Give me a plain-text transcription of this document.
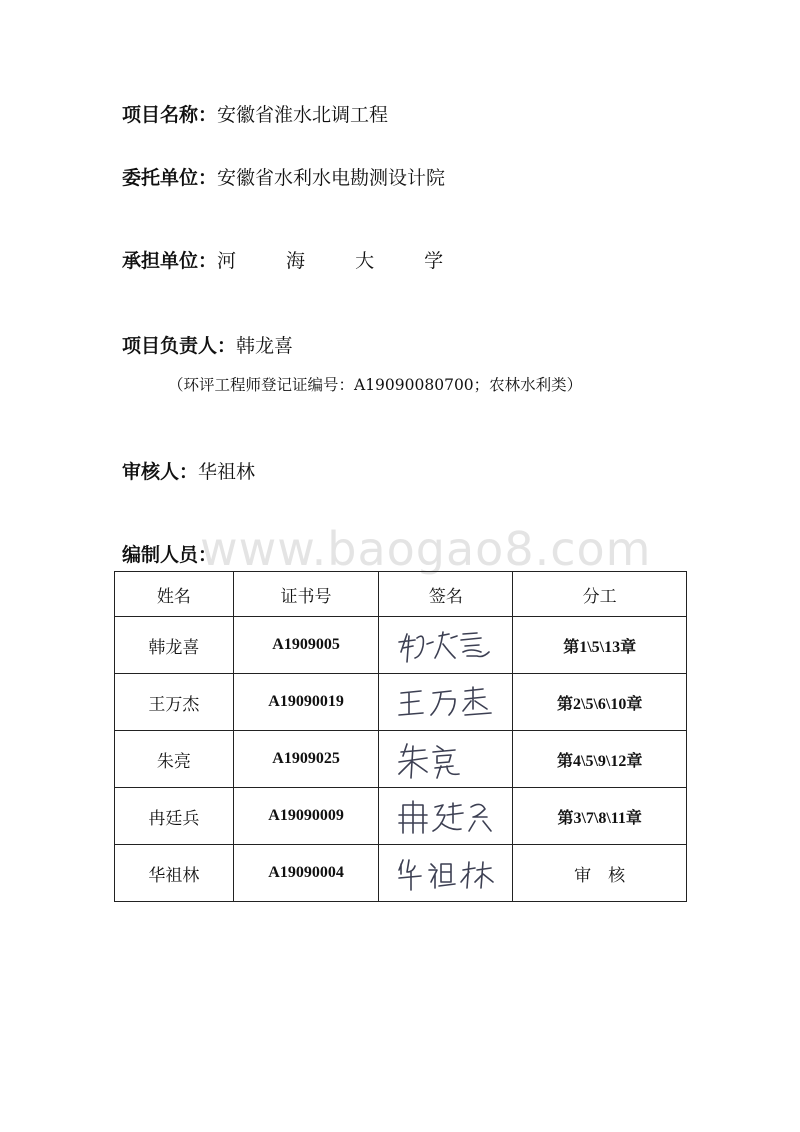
项目名称：安徽省淮水北调工程
委托单位：安徽省水利水电勘测设计院
承担单位：河 海 大 学
项目负责人：韩龙喜
（环评工程师登记证编号：A19090080700；农林水利类）
审核人：华祖林
编制人员：
www.baogao8.com
姓名	证书号	签名	分工
韩龙喜	A1909005		第1\5\13章
王万杰	A19090019		第2\5\6\10章
朱亮	A1909025		第4\5\9\12章
冉廷兵	A19090009		第3\7\8\11章
华祖林	A19090004		审　核
